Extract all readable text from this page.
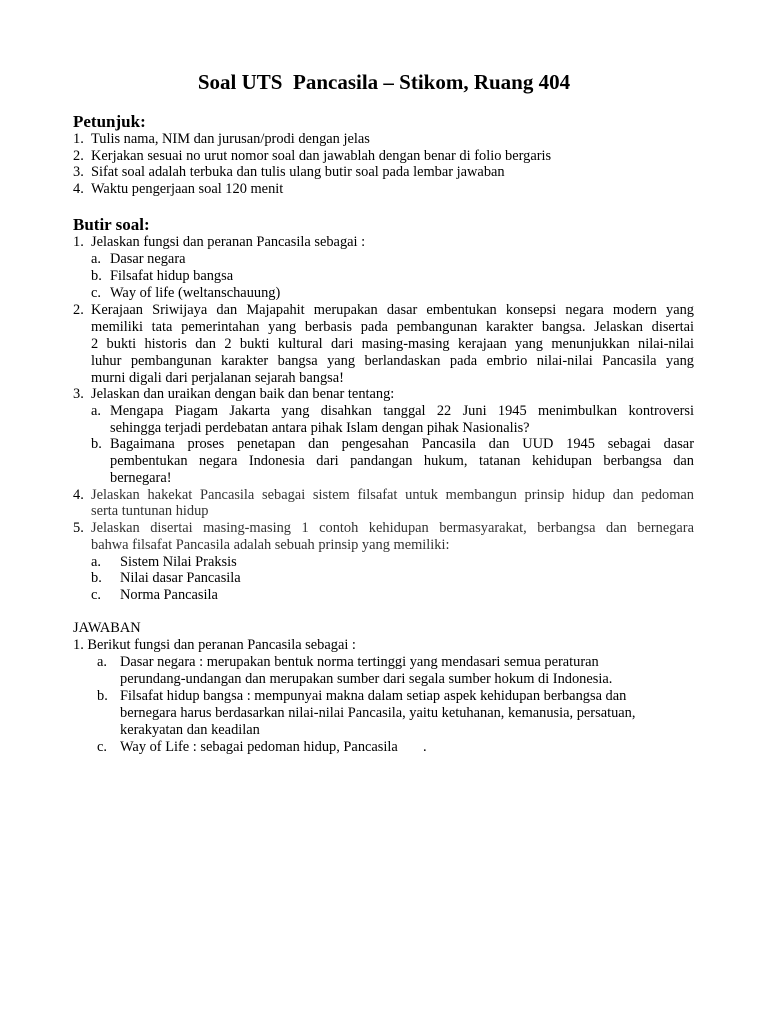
Soal UTS  Pancasila – Stikom, Ruang 404
Petunjuk:
1. Tulis nama, NIM dan jurusan/prodi dengan jelas
2. Kerjakan sesuai no urut nomor soal dan jawablah dengan benar di folio bergaris
3. Sifat soal adalah terbuka dan tulis ulang butir soal pada lembar jawaban
4. Waktu pengerjaan soal 120 menit
Butir soal:
1. Jelaskan fungsi dan peranan Pancasila sebagai :
a. Dasar negara
b. Filsafat hidup bangsa
c. Way of life (weltanschauung)
2. Kerajaan Sriwijaya dan Majapahit merupakan dasar embentukan konsepsi negara modern yang
memiliki tata pemerintahan yang berbasis pada pembangunan karakter bangsa. Jelaskan disertai
2 bukti historis dan 2 bukti kultural dari masing-masing kerajaan yang menunjukkan nilai-nilai
luhur pembangunan karakter bangsa yang berlandaskan pada embrio nilai-nilai Pancasila yang
murni digali dari perjalanan sejarah bangsa!
3. Jelaskan dan uraikan dengan baik dan benar tentang:
a. Mengapa Piagam Jakarta yang disahkan tanggal 22 Juni 1945 menimbulkan kontroversi
sehingga terjadi perdebatan antara pihak Islam dengan pihak Nasionalis?
b. Bagaimana proses penetapan dan pengesahan Pancasila dan UUD 1945 sebagai dasar
pembentukan negara Indonesia dari pandangan hukum, tatanan kehidupan berbangsa dan
bernegara!
4. Jelaskan hakekat Pancasila sebagai sistem filsafat untuk membangun prinsip hidup dan pedoman
serta tuntunan hidup
5. Jelaskan disertai masing-masing 1 contoh kehidupan bermasyarakat, berbangsa dan bernegara
bahwa filsafat Pancasila adalah sebuah prinsip yang memiliki:
a. Sistem Nilai Praksis
b. Nilai dasar Pancasila
c. Norma Pancasila
JAWABAN
1. Berikut fungsi dan peranan Pancasila sebagai :
a. Dasar negara : merupakan bentuk norma tertinggi yang mendasari semua peraturan
perundang-undangan dan merupakan sumber dari segala sumber hokum di Indonesia.
b. Filsafat hidup bangsa : mempunyai makna dalam setiap aspek kehidupan berbangsa dan
bernegara harus berdasarkan nilai-nilai Pancasila, yaitu ketuhanan, kemanusia, persatuan,
kerakyatan dan keadilan
c. Way of Life : sebagai pedoman hidup, Pancasila       .
